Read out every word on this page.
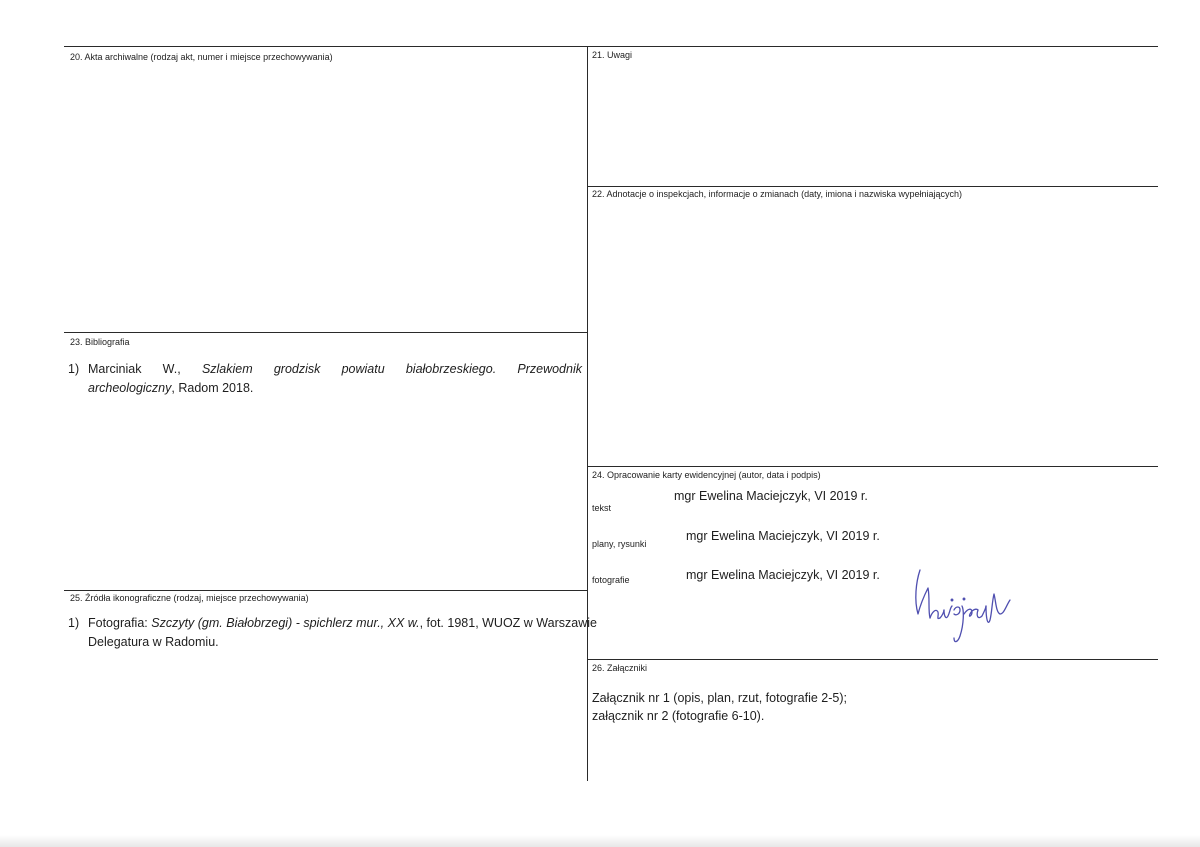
20. Akta archiwalne (rodzaj akt, numer i miejsce przechowywania)	21. Uwagi
22. Adnotacje o inspekcjach, informacje o zmianach (daty, imiona i nazwiska wypełniających)
23. Bibliografia
1) Marciniak W., Szlakiem grodzisk powiatu białobrzeskiego. Przewodnik
archeologiczny, Radom 2018.
24. Opracowanie karty ewidencyjnej (autor, data i podpis)
tekst
mgr Ewelina Maciejczyk, VI 2019 r.
plany, rysunki
mgr Ewelina Maciejczyk, VI 2019 r.
fotografie	mgr Ewelina Maciejczyk, VI 2019 r.
25. Źródła ikonograficzne (rodzaj, miejsce przechowywania)
1) Fotografia: Szczyty (gm. Białobrzegi) - spichlerz mur., XX w., fot. 1981, WUOZ w Warszawie
Delegatura w Radomiu.
26. Załączniki
Załącznik nr 1 (opis, plan, rzut, fotografie 2-5);
załącznik nr 2 (fotografie 6-10).
